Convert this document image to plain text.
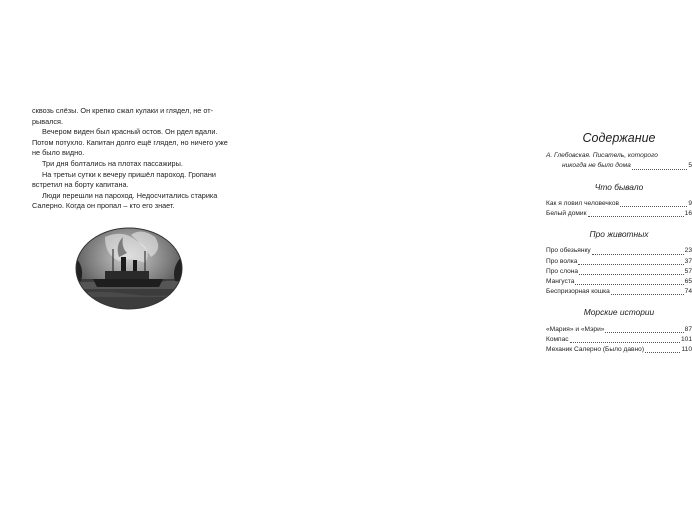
сквозь слёзы. Он крепко сжал кулаки и глядел, не от-рывался.

Вечером виден был красный остов. Он рдел вдали. Потом потухло. Капитан долго ещё глядел, но ничего уже не было видно.

Три дня болтались на плотах пассажиры.

На третьи сутки к вечеру пришёл пароход. Гропани встретил на борту капитана.

Люди перешли на пароход. Недосчитались старика Салерно. Когда он пропал – кто его знает.

Содержание
А. Глебовская. Писатель, которого
никогда не было дома	5
Что бывало
Как я ловил человечков	9
Белый домик	16
Про животных
Про обезьянку	23
Про волка	37
Про слона	57
Мангуста	65
Беспризорная кошка	74
Морские истории
«Мария» и «Мэри»	87
Компас	101
Механик Салерно (Было давно)	110
